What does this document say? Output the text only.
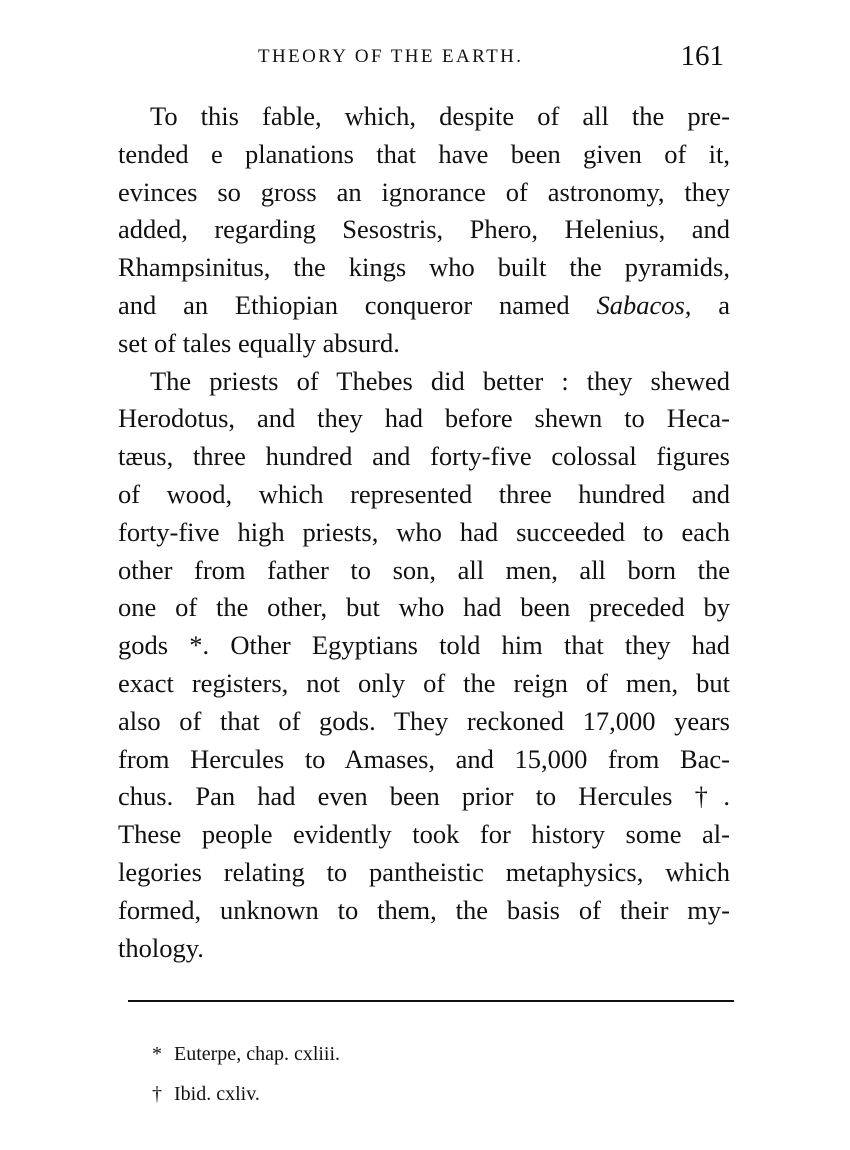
THEORY OF THE EARTH.	161

To this fable, which, despite of all the pre-
tended e planations that have been given of it,
evinces so gross an ignorance of astronomy, they
added, regarding Sesostris, Phero, Helenius, and
Rhampsinitus, the kings who built the pyramids,
and an Ethiopian conqueror named Sabacos, a
set of tales equally absurd.

The priests of Thebes did better : they shewed
Herodotus, and they had before shewn to Heca-
tæus, three hundred and forty-five colossal figures
of wood, which represented three hundred and
forty-five high priests, who had succeeded to each
other from father to son, all men, all born the
one of the other, but who had been preceded by
gods *. Other Egyptians told him that they had
exact registers, not only of the reign of men, but
also of that of gods. They reckoned 17,000 years
from Hercules to Amases, and 15,000 from Bac-
chus. Pan had even been prior to Hercules †.
These people evidently took for history some al-
legories relating to pantheistic metaphysics, which
formed, unknown to them, the basis of their my-
thology.

* Euterpe, chap. cxliii.
† Ibid. cxliv.
